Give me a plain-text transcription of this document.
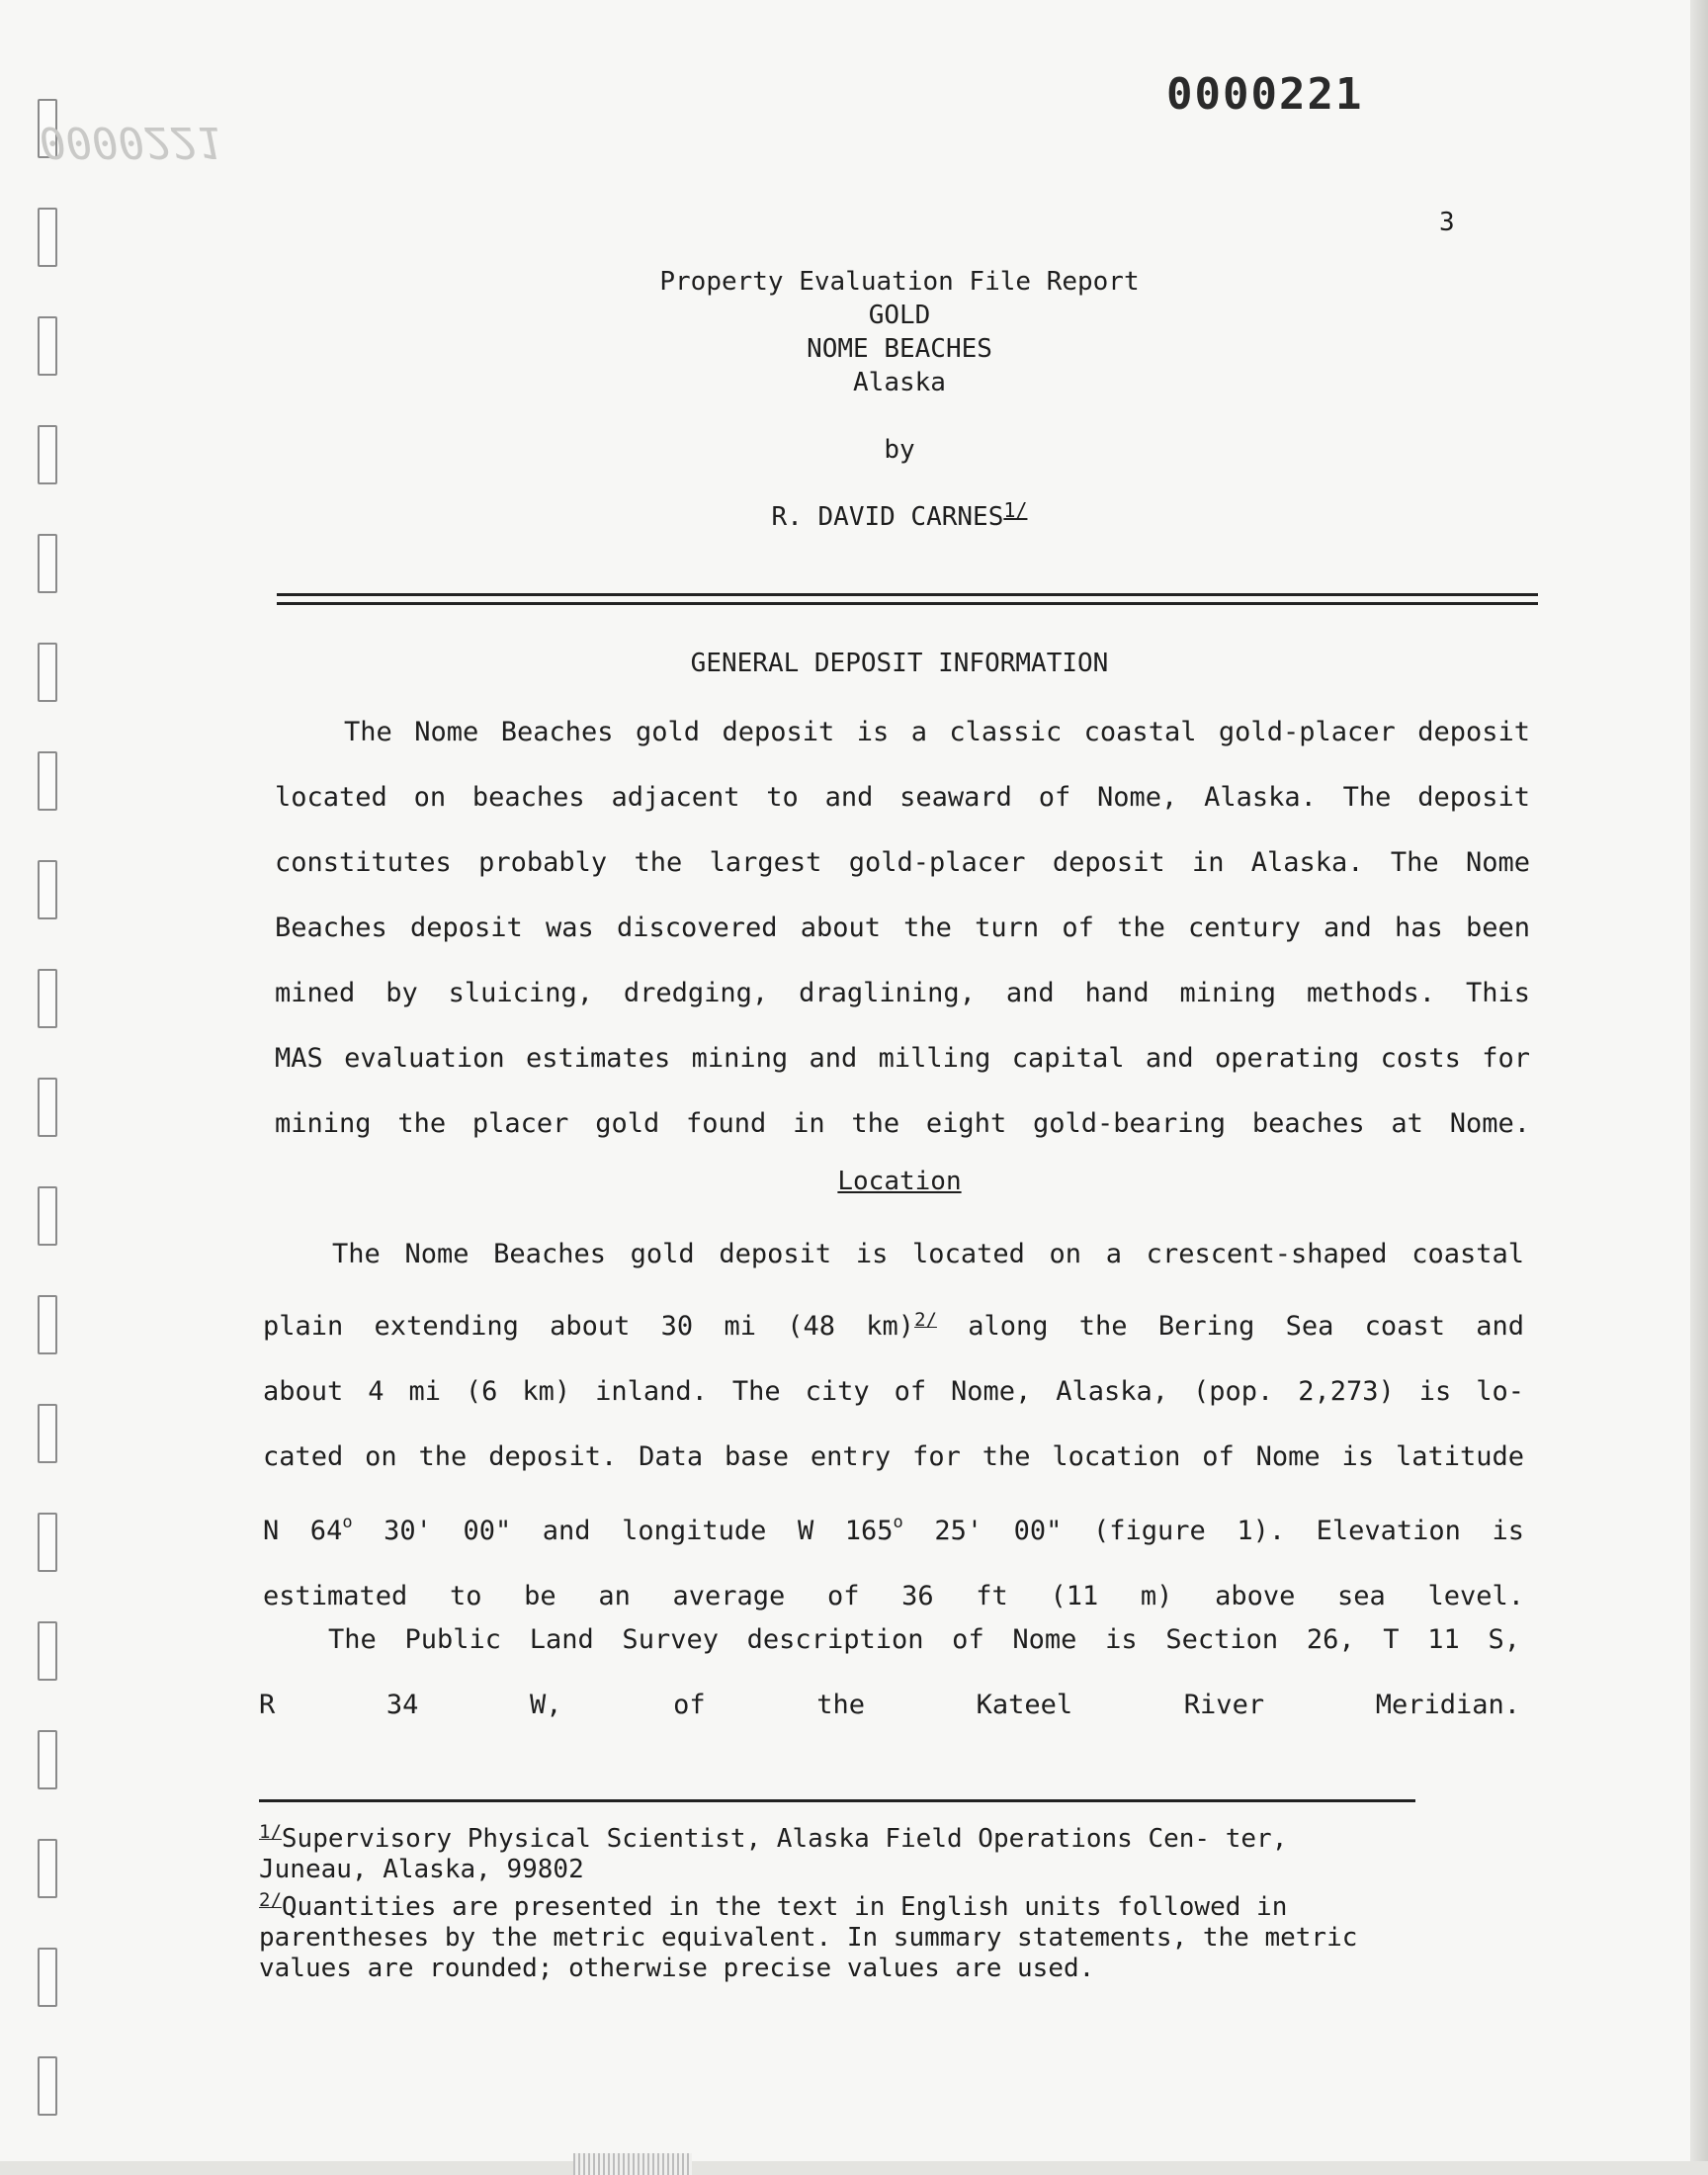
0000221
0000221
3
Property Evaluation File Report
GOLD
NOME BEACHES
Alaska
by
R. DAVID $CARNES^{1/}$
GENERAL DEPOSIT INFORMATION
The Nome Beaches gold deposit is a classic coastal gold-placer deposit
located on beaches adjacent to and seaward of Nome, Alaska. The deposit
constitutes probably the largest gold-placer deposit in Alaska. The Nome
Beaches deposit was discovered about the turn of the century and has been
mined by sluicing, dredging, draglining, and hand mining methods. This
MAS evaluation estimates mining and milling capital and operating costs for
mining the placer gold found in the eight gold-bearing beaches at Nome.
Location
The Nome Beaches gold deposit is located on a crescent-shaped coastal
plain extending about 30 mi (48 km)$^{2/}$ along the Bering Sea coast and
about 4 mi (6 km) inland. The city of Nome, Alaska, (pop. 2,273) is lo-
cated on the deposit. Data base entry for the location of Nome is latitude
N 64$^o$ 30' 00" and longitude W 165$^o$ 25' 00" (figure 1). Elevation is
estimated to be an average of 36 ft (11 m) above sea level.
The Public Land Survey description of Nome is Section 26, T 11 S,
R 34 W, of the Kateel River Meridian.
$^{1/}$Supervisory Physical Scientist, Alaska Field Operations Cen- ter,
Juneau, Alaska, 99802
$^{2/}$Quantities are presented in the text in English units followed in
parentheses by the metric equivalent. In summary statements, the metric
values are rounded; otherwise precise values are used.
